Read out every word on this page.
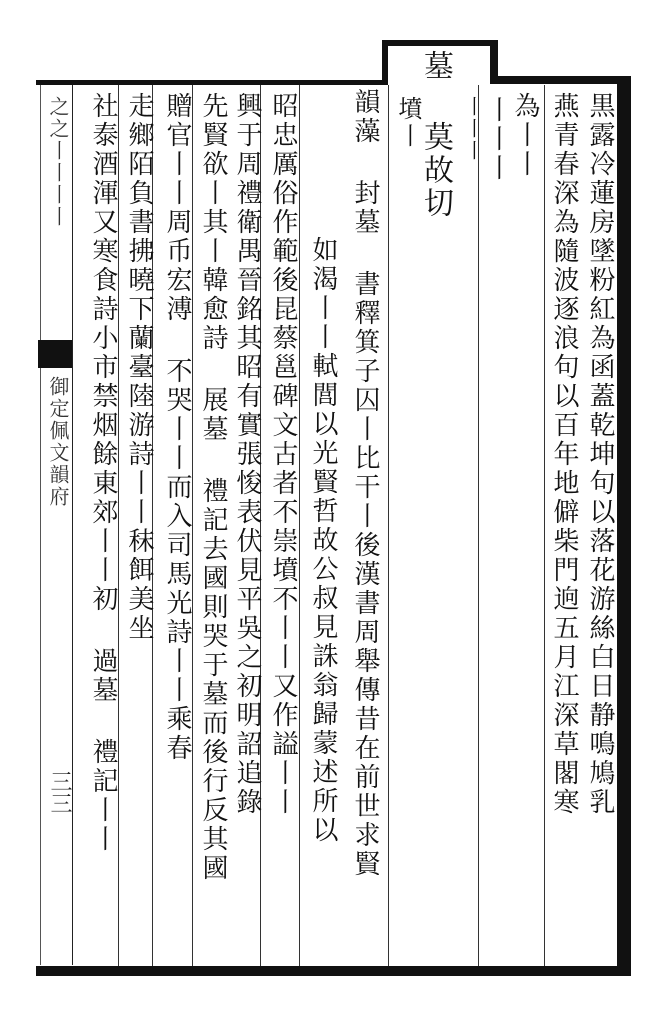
黒露冷蓮房墜粉紅為函蓋乾坤句以落花游絲白日静鳴鳩乳
燕青春深為隨波逐浪句以百年地僻柴門逈五月江深草閣寒
為丨丨
丨丨丨
丨丨丨
墓 莫故切
墳丨
韻藻 封墓 書釋箕子囚丨比干丨後漢書周舉傳昔在前世求賢
如渴丨丨軾閭以光賢哲故公叔見誅翁歸蒙述所以
昭忠厲俗作範後昆蔡邕碑文古者不崇墳不丨丨又作謚丨丨
興于周禮衛禺晉銘其昭有實張悛表伏見平吳之初明詔追錄
先賢欲丨其丨韓愈詩 展墓 禮記去國則哭于墓而後行反其國
贈官丨丨周币宏溥 不哭丨丨而入司馬光詩丨丨乘春
走鄉陌負書拂曉下蘭臺陸游詩丨丨秣餌美坐
社泰酒渾又寒食詩小市禁烟餘東郊丨丨初 過墓 禮記丨丨
之之丨丨丨丨
御定佩文韻府
三三
